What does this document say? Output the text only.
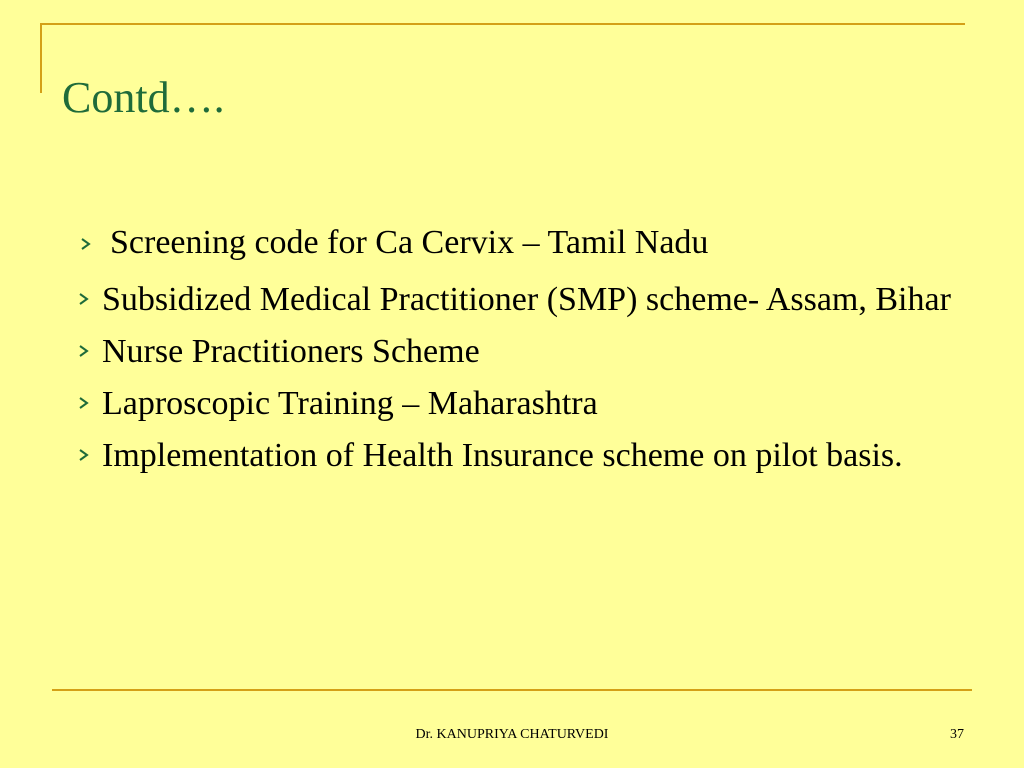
Contd….
Screening code for Ca Cervix – Tamil Nadu
Subsidized Medical Practitioner (SMP) scheme- Assam, Bihar
Nurse Practitioners Scheme
Laproscopic Training – Maharashtra
Implementation of Health Insurance scheme on pilot basis.
Dr. KANUPRIYA CHATURVEDI	37
